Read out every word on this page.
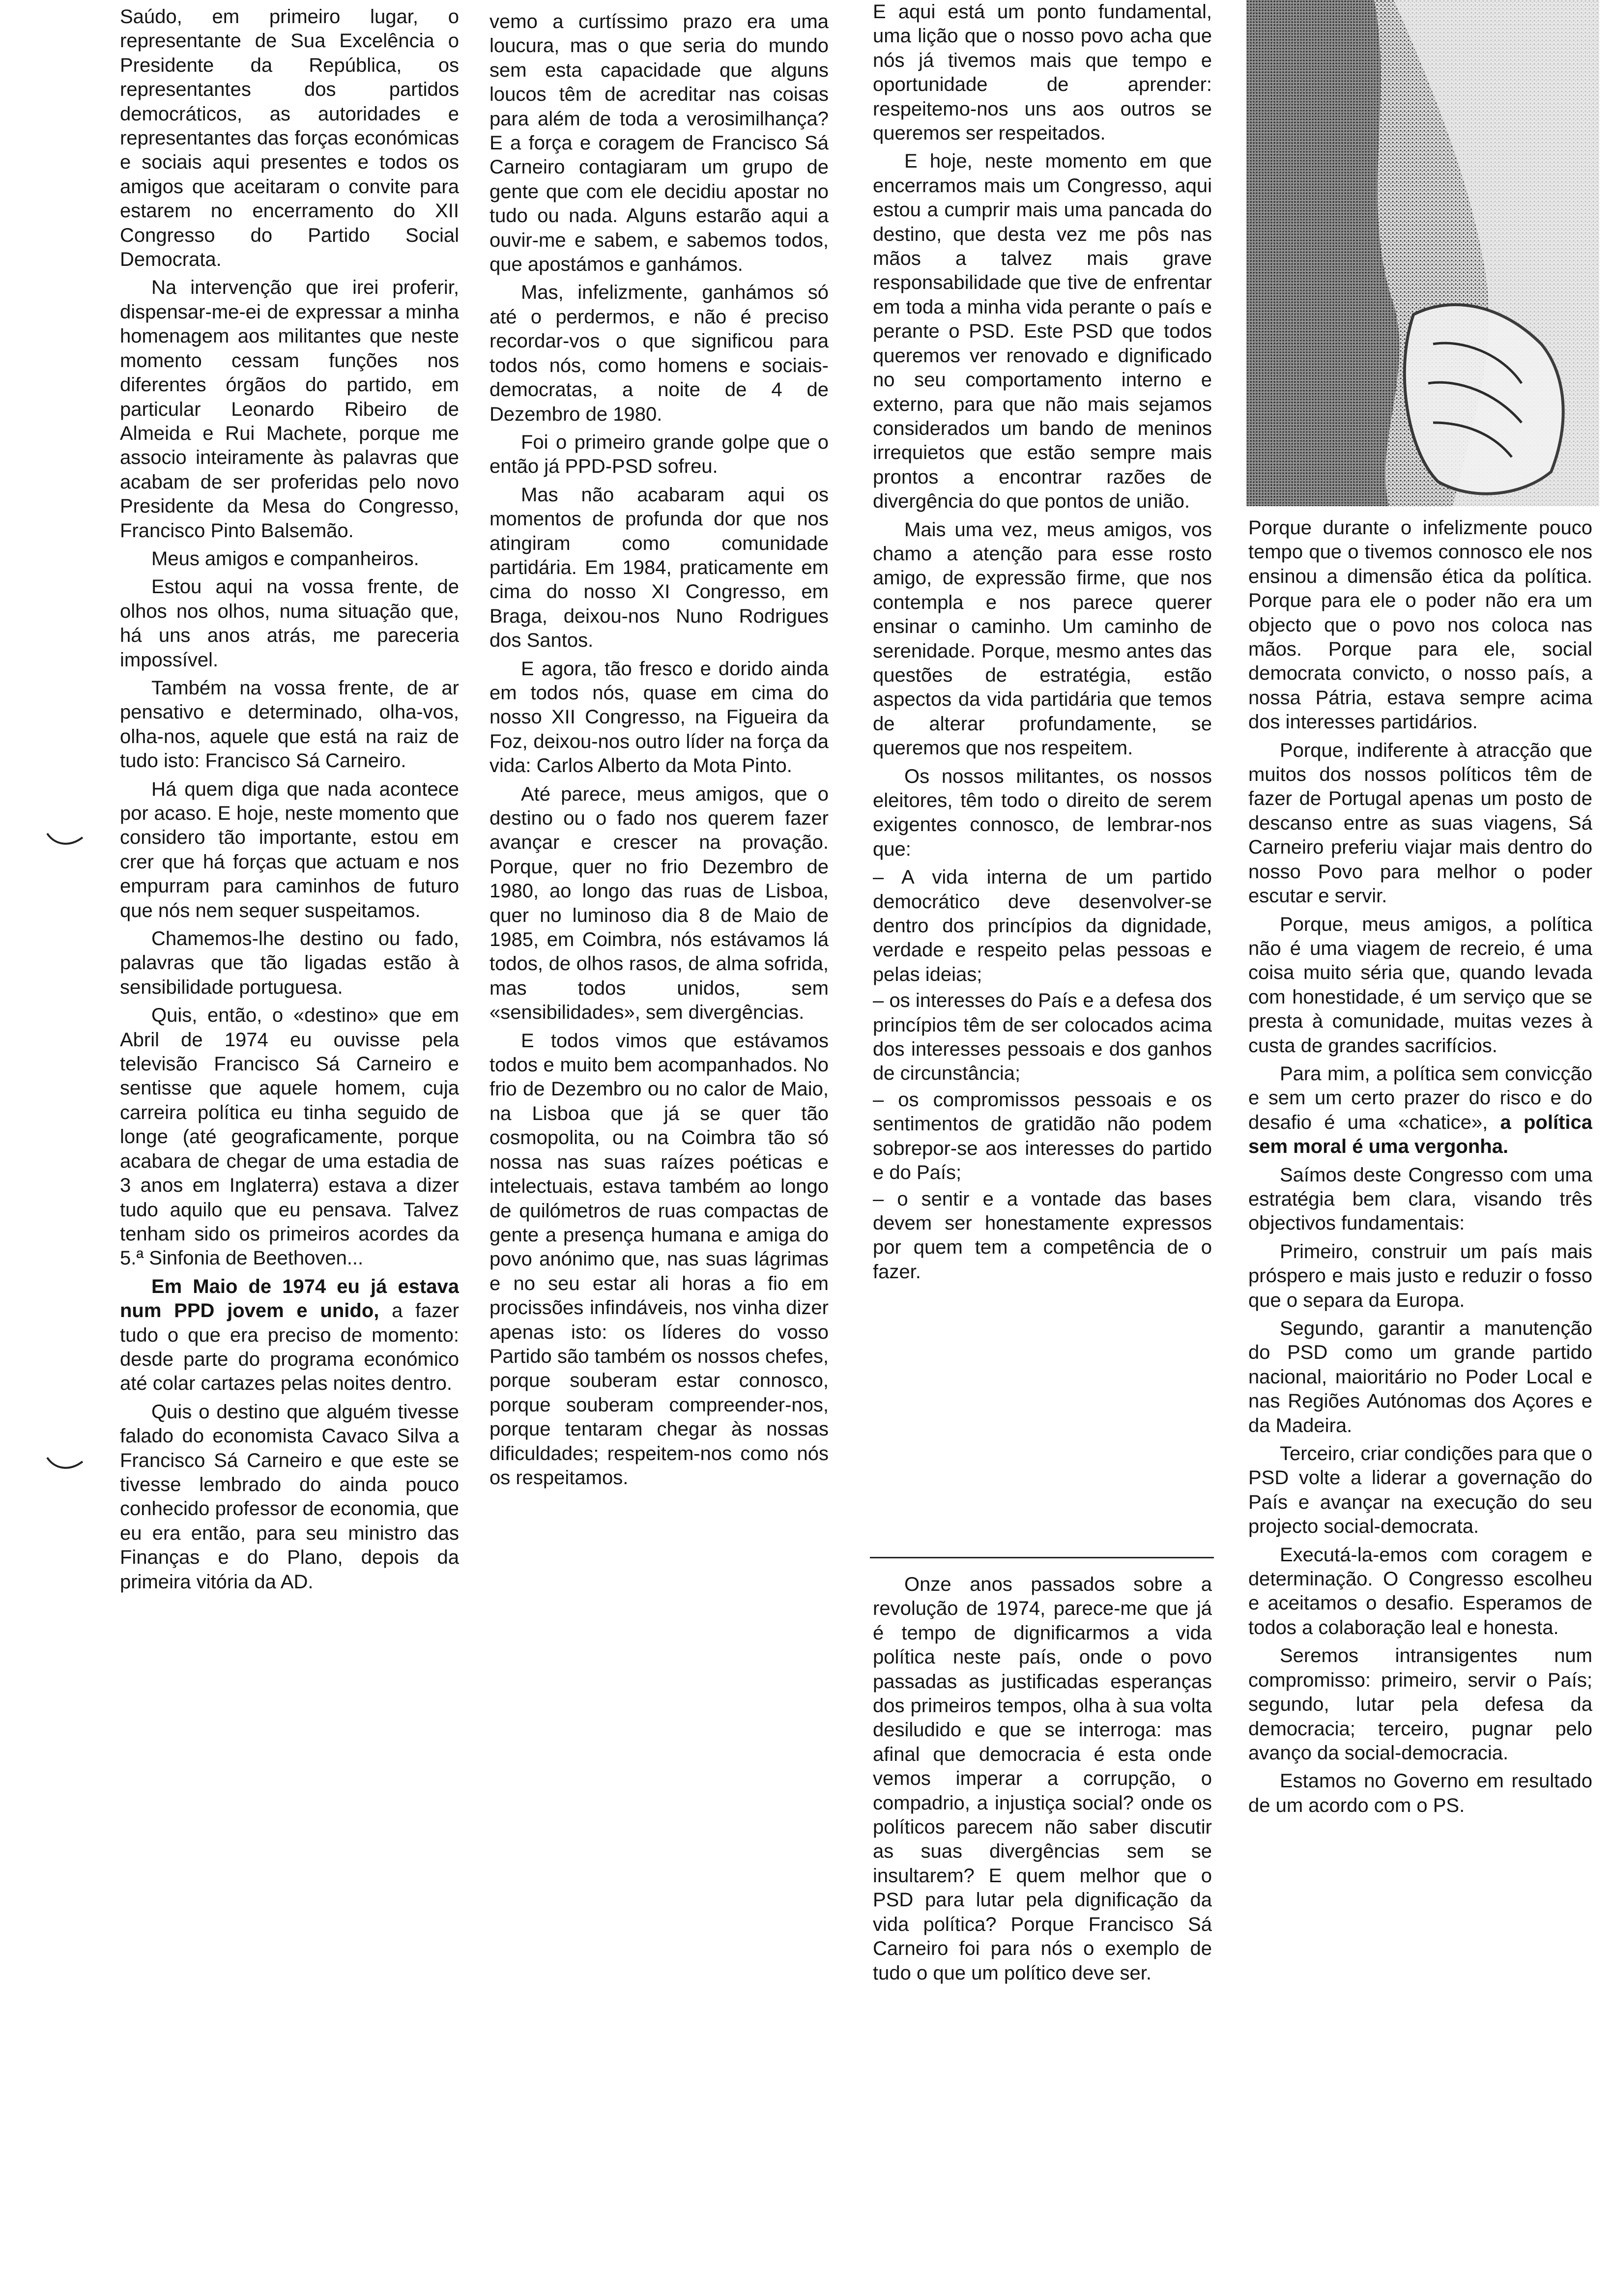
Saúdo, em primeiro lugar, o representante de Sua Excelência o Presidente da República, os representantes dos partidos democráticos, as autoridades e representantes das forças económicas e sociais aqui presentes e todos os amigos que aceitaram o convite para estarem no encerramento do XII Congresso do Partido Social Democrata.

Na intervenção que irei proferir, dispensar-me-ei de expressar a minha homenagem aos militantes que neste momento cessam funções nos diferentes órgãos do partido, em particular Leonardo Ribeiro de Almeida e Rui Machete, porque me associo inteiramente às palavras que acabam de ser proferidas pelo novo Presidente da Mesa do Congresso, Francisco Pinto Balsemão.

Meus amigos e companheiros.

Estou aqui na vossa frente, de olhos nos olhos, numa situação que, há uns anos atrás, me pareceria impossível.

Também na vossa frente, de ar pensativo e determinado, olha-vos, olha-nos, aquele que está na raiz de tudo isto: Francisco Sá Carneiro.

Há quem diga que nada acontece por acaso. E hoje, neste momento que considero tão importante, estou em crer que há forças que actuam e nos empurram para caminhos de futuro que nós nem sequer suspeitamos.

Chamemos-lhe destino ou fado, palavras que tão ligadas estão à sensibilidade portuguesa.

Quis, então, o «destino» que em Abril de 1974 eu ouvisse pela televisão Francisco Sá Carneiro e sentisse que aquele homem, cuja carreira política eu tinha seguido de longe (até geograficamente, porque acabara de chegar de uma estadia de 3 anos em Inglaterra) estava a dizer tudo aquilo que eu pensava. Talvez tenham sido os primeiros acordes da 5.ª Sinfonia de Beethoven...

Em Maio de 1974 eu já estava num PPD jovem e unido, a fazer tudo o que era preciso de momento: desde parte do programa económico até colar cartazes pelas noites dentro.

Quis o destino que alguém tivesse falado do economista Cavaco Silva a Francisco Sá Carneiro e que este se tivesse lembrado do ainda pouco conhecido professor de economia, que eu era então, para seu ministro das Finanças e do Plano, depois da primeira vitória da AD.

vemo a curtíssimo prazo era uma loucura, mas o que seria do mundo sem esta capacidade que alguns loucos têm de acreditar nas coisas para além de toda a verosimilhança? E a força e coragem de Francisco Sá Carneiro contagiaram um grupo de gente que com ele decidiu apostar no tudo ou nada. Alguns estarão aqui a ouvir-me e sabem, e sabemos todos, que apostámos e ganhámos.

Mas, infelizmente, ganhámos só até o perdermos, e não é preciso recordar-vos o que significou para todos nós, como homens e sociais-democratas, a noite de 4 de Dezembro de 1980.

Foi o primeiro grande golpe que o então já PPD-PSD sofreu.

Mas não acabaram aqui os momentos de profunda dor que nos atingiram como comunidade partidária. Em 1984, praticamente em cima do nosso XI Congresso, em Braga, deixou-nos Nuno Rodrigues dos Santos.

E agora, tão fresco e dorido ainda em todos nós, quase em cima do nosso XII Congresso, na Figueira da Foz, deixou-nos outro líder na força da vida: Carlos Alberto da Mota Pinto.

Até parece, meus amigos, que o destino ou o fado nos querem fazer avançar e crescer na provação. Porque, quer no frio Dezembro de 1980, ao longo das ruas de Lisboa, quer no luminoso dia 8 de Maio de 1985, em Coimbra, nós estávamos lá todos, de olhos rasos, de alma sofrida, mas todos unidos, sem «sensibilidades», sem divergências.

E todos vimos que estávamos todos e muito bem acompanhados. No frio de Dezembro ou no calor de Maio, na Lisboa que já se quer tão cosmopolita, ou na Coimbra tão só nossa nas suas raízes poéticas e intelectuais, estava também ao longo de quilómetros de ruas compactas de gente a presença humana e amiga do povo anónimo que, nas suas lágrimas e no seu estar ali horas a fio em procissões infindáveis, nos vinha dizer apenas isto: os líderes do vosso Partido são também os nossos chefes, porque souberam estar connosco, porque souberam compreender-nos, porque tentaram chegar às nossas dificuldades; respeitem-nos como nós os respeitamos.

E aqui está um ponto fundamental, uma lição que o nosso povo acha que nós já tivemos mais que tempo e oportunidade de aprender: respeitemo-nos uns aos outros se queremos ser respeitados.

E hoje, neste momento em que encerramos mais um Congresso, aqui estou a cumprir mais uma pancada do destino, que desta vez me pôs nas mãos a talvez mais grave responsabilidade que tive de enfrentar em toda a minha vida perante o país e perante o PSD. Este PSD que todos queremos ver renovado e dignificado no seu comportamento interno e externo, para que não mais sejamos considerados um bando de meninos irrequietos que estão sempre mais prontos a encontrar razões de divergência do que pontos de união.

Mais uma vez, meus amigos, vos chamo a atenção para esse rosto amigo, de expressão firme, que nos contempla e nos parece querer ensinar o caminho. Um caminho de serenidade. Porque, mesmo antes das questões de estratégia, estão aspectos da vida partidária que temos de alterar profundamente, se queremos que nos respeitem.

Os nossos militantes, os nossos eleitores, têm todo o direito de serem exigentes connosco, de lembrar-nos que:

– A vida interna de um partido democrático deve desenvolver-se dentro dos princípios da dignidade, verdade e respeito pelas pessoas e pelas ideias;
– os interesses do País e a defesa dos princípios têm de ser colocados acima dos interesses pessoais e dos ganhos de circunstância;
– os compromissos pessoais e os sentimentos de gratidão não podem sobrepor-se aos interesses do partido e do País;
– o sentir e a vontade das bases devem ser honestamente expressos por quem tem a competência de o fazer.

Onze anos passados sobre a revolução de 1974, parece-me que já é tempo de dignificarmos a vida política neste país, onde o povo passadas as justificadas esperanças dos primeiros tempos, olha à sua volta desiludido e que se interroga: mas afinal que democracia é esta onde vemos imperar a corrupção, o compadrio, a injustiça social? onde os políticos parecem não saber discutir as suas divergências sem se insultarem? E quem melhor que o PSD para lutar pela dignificação da vida política? Porque Francisco Sá Carneiro foi para nós o exemplo de tudo o que um político deve ser.

Porque durante o infelizmente pouco tempo que o tivemos connosco ele nos ensinou a dimensão ética da política. Porque para ele o poder não era um objecto que o povo nos coloca nas mãos. Porque para ele, social democrata convicto, o nosso país, a nossa Pátria, estava sempre acima dos interesses partidários.

Porque, indiferente à atracção que muitos dos nossos políticos têm de fazer de Portugal apenas um posto de descanso entre as suas viagens, Sá Carneiro preferiu viajar mais dentro do nosso Povo para melhor o poder escutar e servir.

Porque, meus amigos, a política não é uma viagem de recreio, é uma coisa muito séria que, quando levada com honestidade, é um serviço que se presta à comunidade, muitas vezes à custa de grandes sacrifícios.

Para mim, a política sem convicção e sem um certo prazer do risco e do desafio é uma «chatice», a política sem moral é uma vergonha.

Saímos deste Congresso com uma estratégia bem clara, visando três objectivos fundamentais:

Primeiro, construir um país mais próspero e mais justo e reduzir o fosso que o separa da Europa.

Segundo, garantir a manutenção do PSD como um grande partido nacional, maioritário no Poder Local e nas Regiões Autónomas dos Açores e da Madeira.

Terceiro, criar condições para que o PSD volte a liderar a governação do País e avançar na execução do seu projecto social-democrata.

Executá-la-emos com coragem e determinação. O Congresso escolheu e aceitamos o desafio. Esperamos de todos a colaboração leal e honesta.

Seremos intransigentes num compromisso: primeiro, servir o País; segundo, lutar pela defesa da democracia; terceiro, pugnar pelo avanço da social-democracia.

Estamos no Governo em resultado de um acordo com o PS.
